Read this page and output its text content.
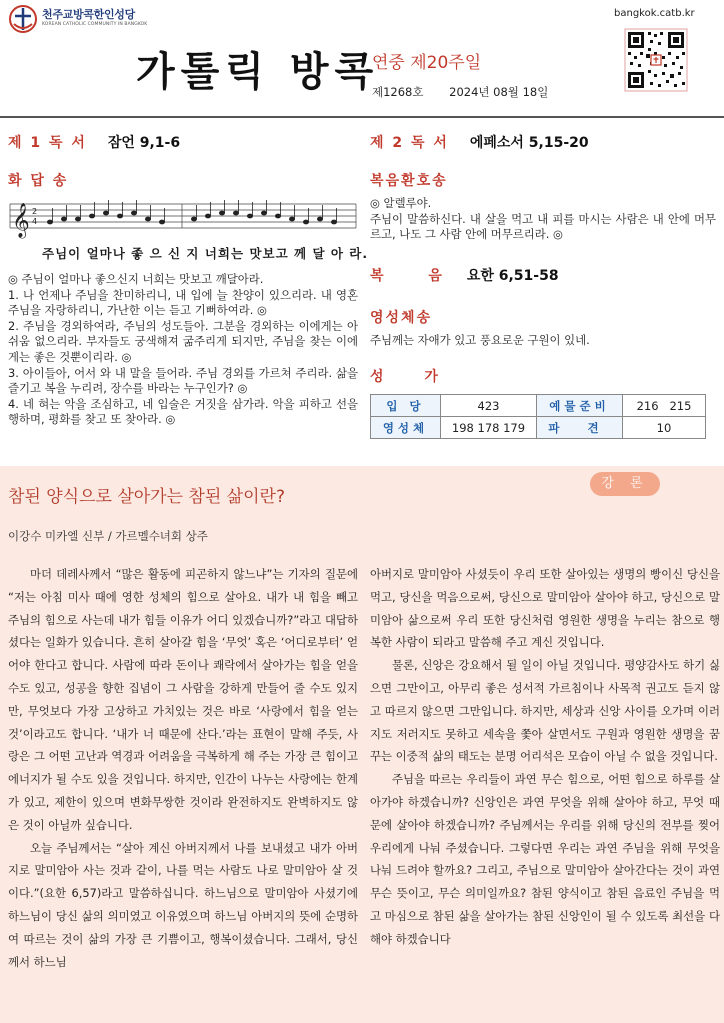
천주교방콕한인성당
KOREAN CATHOLIC COMMUNITY IN BANGKOK
가톨릭 방콕
연중 제20주일
제1268호 2024년 08월 18일
bangkok.catb.kr
제 1 독 서 잠언 9,1-6
화 답 송
𝄞 2
4
주님이 얼마나 좋 으 신 지 너희는 맛보고 께 달 아 라.
◎ 주님이 얼마나 좋으신지 너희는 맛보고 깨달아라.
1. 나 언제나 주님을 찬미하리니, 내 입에 늘 찬양이 있으리라. 내 영혼 주님을 자랑하리니, 가난한 이는 듣고 기뻐하여라. ◎
2. 주님을 경외하여라, 주님의 성도들아. 그분을 경외하는 이에게는 아쉬움 없으리라. 부자들도 궁색해져 굶주리게 되지만, 주님을 찾는 이에게는 좋은 것뿐이리라. ◎
3. 아이들아, 어서 와 내 말을 들어라. 주님 경외를 가르쳐 주리라. 삶을 즐기고 복을 누리려, 장수를 바라는 누구인가? ◎
4. 네 혀는 악을 조심하고, 네 입술은 거짓을 삼가라. 악을 피하고 선을 행하며, 평화를 찾고 또 찾아라. ◎
제 2 독 서 에페소서 5,15-20
복음환호송
◎ 알렐루야.
주님이 말씀하신다. 내 살을 먹고 내 피를 마시는 사람은 내 안에 머무르고, 나도 그 사람 안에 머무르리라. ◎
복 음 요한 6,51-58
영성체송
주님께는 자애가 있고 풍요로운 구원이 있네.
성 가
입 당	423	예물준비	216   215
영성체	198 178 179	파 견	10
참된 양식으로 살아가는 참된 삶이란?
강 론
이강수 미카엘 신부 / 가르멜수녀회 상주

마더 데레사께서 “많은 활동에 피곤하지 않느냐”는 기자의 질문에 “저는 아침 미사 때에 영한 성체의 힘으로 살아요. 내가 내 힘을 빼고 주님의 힘으로 사는데 내가 힘들 이유가 어디 있겠습니까?”라고 대답하셨다는 일화가 있습니다. 흔히 살아갈 힘을 ‘무엇’ 혹은 ‘어디로부터’ 얻어야 한다고 합니다. 사람에 따라 돈이나 쾌락에서 살아가는 힘을 얻을 수도 있고, 성공을 향한 집념이 그 사람을 강하게 만들어 줄 수도 있지만, 무엇보다 가장 고상하고 가치있는 것은 바로 ‘사랑에서 힘을 얻는 것’이라고도 합니다. ‘내가 너 때문에 산다.’라는 표현이 말해 주듯, 사랑은 그 어떤 고난과 역경과 어려움을 극복하게 해 주는 가장 큰 힘이고 에너지가 될 수도 있을 것입니다. 하지만, 인간이 나누는 사랑에는 한계가 있고, 제한이 있으며 변화무쌍한 것이라 완전하지도 완벽하지도 않은 것이 아닐까 싶습니다.

오늘 주님께서는 “살아 계신 아버지께서 나를 보내셨고 내가 아버지로 말미암아 사는 것과 같이, 나를 먹는 사람도 나로 말미암아 살 것이다.”(요한 6,57)라고 말씀하십니다. 하느님으로 말미암아 사셨기에 하느님이 당신 삶의 의미였고 이유였으며 하느님 아버지의 뜻에 순명하여 따르는 것이 삶의 가장 큰 기쁨이고, 행복이셨습니다. 그래서, 당신께서 하느님

아버지로 말미암아 사셨듯이 우리 또한 살아있는 생명의 빵이신 당신을 먹고, 당신을 먹음으로써, 당신으로 말미암아 살아야 하고, 당신으로 말미암아 삶으로써 우리 또한 당신처럼 영원한 생명을 누리는 참으로 행복한 사람이 되라고 말씀해 주고 계신 것입니다.

물론, 신앙은 강요해서 될 일이 아닐 것입니다. 평양감사도 하기 싫으면 그만이고, 아무리 좋은 성서적 가르침이나 사목적 권고도 듣지 않고 따르지 않으면 그만입니다. 하지만, 세상과 신앙 사이를 오가며 이러지도 저러지도 못하고 세속을 쫓아 살면서도 구원과 영원한 생명을 꿈꾸는 이중적 삶의 태도는 분명 어리석은 모습이 아닐 수 없을 것입니다.

주님을 따르는 우리들이 과연 무슨 힘으로, 어떤 힘으로 하루를 살아가야 하겠습니까? 신앙인은 과연 무엇을 위해 살아야 하고, 무엇 때문에 살아야 하겠습니까? 주님께서는 우리를 위해 당신의 전부를 찢어 우리에게 나눠 주셨습니다. 그렇다면 우리는 과연 주님을 위해 무엇을 나눠 드려야 할까요? 그리고, 주님으로 말미암아 살아간다는 것이 과연 무슨 뜻이고, 무슨 의미일까요? 참된 양식이고 참된 음료인 주님을 먹고 마심으로 참된 삶을 살아가는 참된 신앙인이 될 수 있도록 최선을 다해야 하겠습니다
